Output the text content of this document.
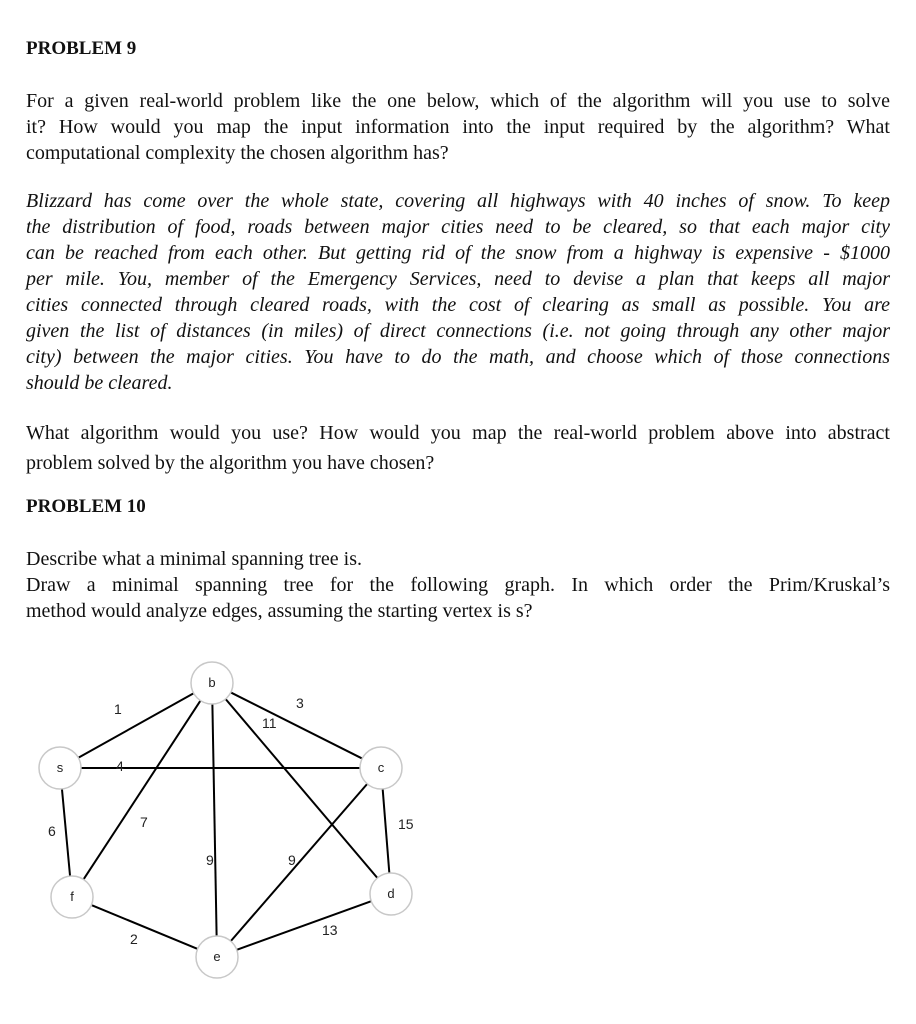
PROBLEM 9

For a given real-world problem like the one below, which of the algorithm will you use to solve
it? How would you map the input information into the input required by the algorithm? What
computational complexity the chosen algorithm has?

Blizzard has come over the whole state, covering all highways with 40 inches of snow. To keep
the distribution of food, roads between major cities need to be cleared, so that each major city
can be reached from each other. But getting rid of the snow from a highway is expensive - $1000
per mile. You, member of the Emergency Services, need to devise a plan that keeps all major
cities connected through cleared roads, with the cost of clearing as small as possible. You are
given the list of distances (in miles) of direct connections (i.e. not going through any other major
city) between the major cities. You have to do the math, and choose which of those connections
should be cleared.

What algorithm would you use? How would you map the real-world problem above into abstract
problem solved by the algorithm you have chosen?

PROBLEM 10

Describe what a minimal spanning tree is.
Draw a minimal spanning tree for the following graph. In which order the Prim/Kruskal’s
method would analyze edges, assuming the starting vertex is s?

1	3
11
4
7
6
9	9
15
2
13
s
b
c
d
e
f
